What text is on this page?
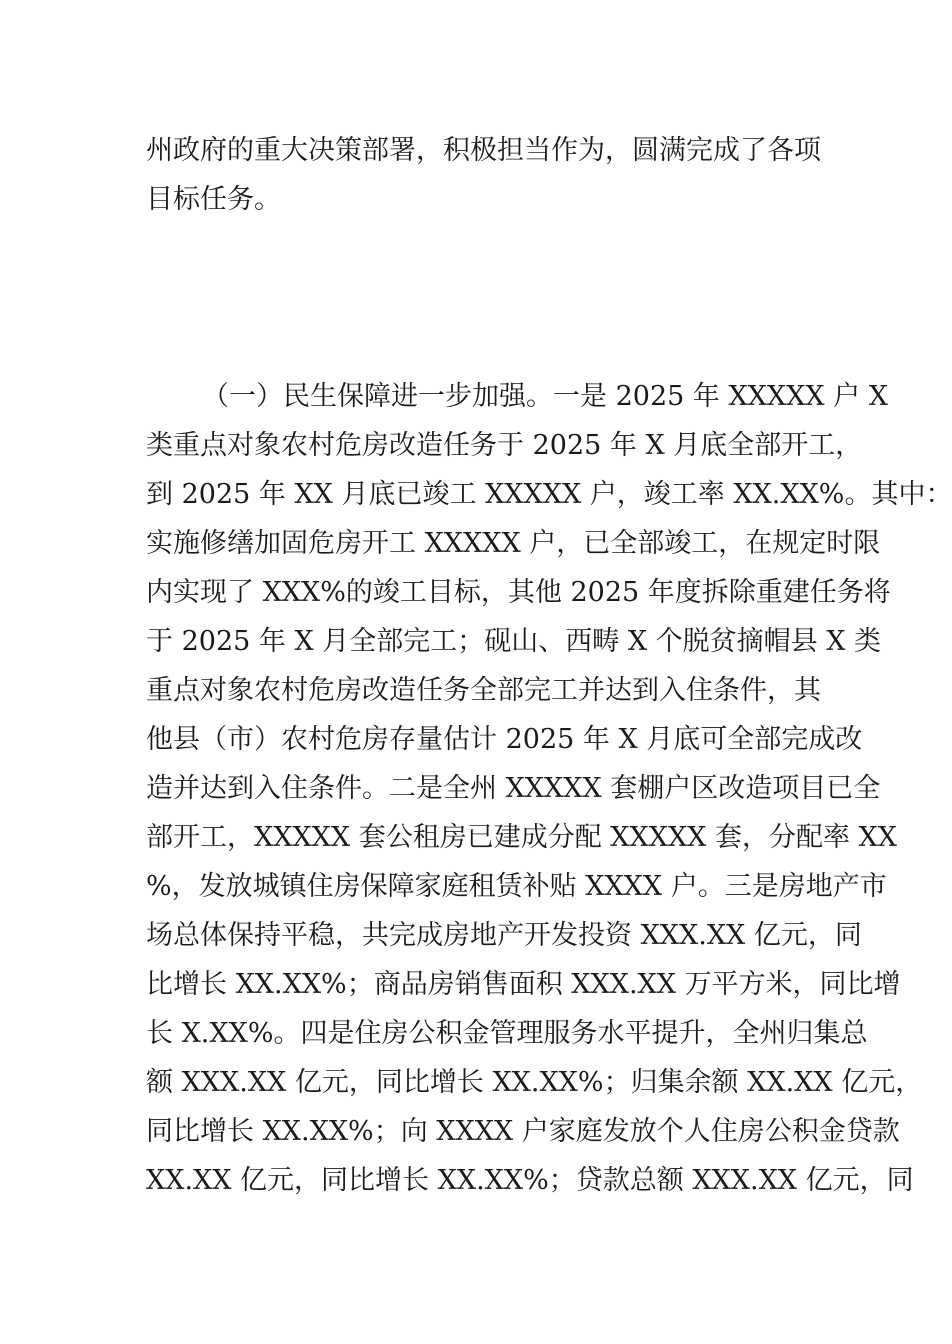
州政府的重大决策部署，积极担当作为，圆满完成了各项
目标任务。
（一）民生保障进一步加强。一是 2025 年 XXXXX 户 X
类重点对象农村危房改造任务于 2025 年 X 月底全部开工，
到 2025 年 XX 月底已竣工 XXXXX 户，竣工率 XX.XX%。其中：
实施修缮加固危房开工 XXXXX 户，已全部竣工，在规定时限
内实现了 XXX%的竣工目标，其他 2025 年度拆除重建任务将
于 2025 年 X 月全部完工；砚山、西畴 X 个脱贫摘帽县 X 类
重点对象农村危房改造任务全部完工并达到入住条件，其
他县（市）农村危房存量估计 2025 年 X 月底可全部完成改
造并达到入住条件。二是全州 XXXXX 套棚户区改造项目已全
部开工，XXXXX 套公租房已建成分配 XXXXX 套，分配率 XX
%，发放城镇住房保障家庭租赁补贴 XXXX 户。三是房地产市
场总体保持平稳，共完成房地产开发投资 XXX.XX 亿元，同
比增长 XX.XX%；商品房销售面积 XXX.XX 万平方米，同比增
长 X.XX%。四是住房公积金管理服务水平提升，全州归集总
额 XXX.XX 亿元，同比增长 XX.XX%；归集余额 XX.XX 亿元，
同比增长 XX.XX%；向 XXXX 户家庭发放个人住房公积金贷款
XX.XX 亿元，同比增长 XX.XX%；贷款总额 XXX.XX 亿元，同
